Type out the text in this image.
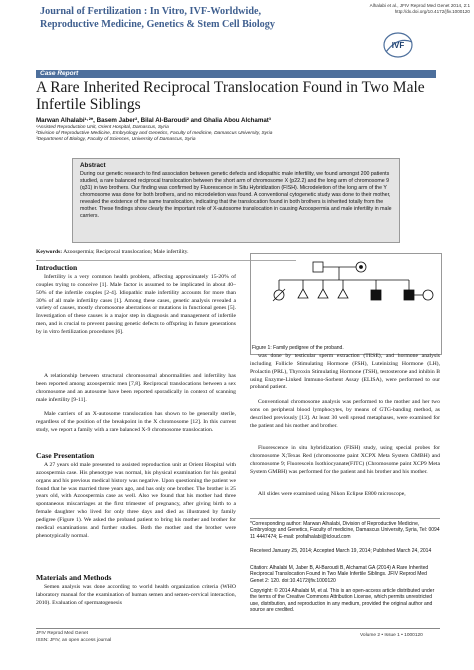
Journal of Fertilization : In Vitro, IVF-Worldwide,
Reproductive Medicine, Genetics & Stem Cell Biology
Alhalabi et al., JFIV Reprod Med Genet 2014, 2:1
http://dx.doi.org/10.4172/jfiv.1000120
IVF
Case Report
A Rare Inherited Reciprocal Translocation Found in Two Male Infertile Siblings
Marwan Alhalabi¹·²*, Basem Jaber², Bilal Al-Baroudi² and Ghalia Abou Alchamat³
¹Assisted Reproduction Unit, Orient Hospital, Damascus, Syria
²Division of Reproductive Medicine, Embryology and Genetics, Faculty of medicine, Damascus University, Syria
³Department of Biology, Faculty of Sciences, University of Damascus, Syria
Abstract
During our genetic research to find association between genetic defects and idiopathic male infertility, we found amongst 200 patients studied, a rare balanced reciprocal translocation between the short arm of chromosome X (p22.2) and the long arm of chromosome 9 (q31) in two brothers. Our finding was confirmed by Fluorescence in Situ Hybridization (FISH). Microdeletion of the long arm of the Y chromosome was done for both brothers, and no microdeletion was found. A conventional cytogenetic study was done to their mother, revealed the existence of the same translocation, indicating that the translocation found in both brothers is inherited totally from the mother. These findings show clearly the important role of X-autosome translocation in causing Azoospermia and male infertility in male carriers.
Keywords: Azoospermia; Reciprocal translocation; Male infertility.
Introduction
Infertility is a very common health problem, affecting approximately 15-20% of couples trying to conceive [1]. Male factor is assumed to be implicated in about 40–50% of the infertile couples [2-4]. Idiopathic male infertility accounts for more than 30% of all male infertility cases [1]. Among these cases, genetic analysis revealed a variety of causes, mostly chromosome aberrations or mutations in functional genes [5]. Investigation of these causes is a major step in diagnosis and management of infertile men, and is crucial to prevent passing genetic defects to offspring in future generations by in vitro fertilization procedures [6].
A relationship between structural chromosomal abnormalities and infertility has been reported among azoospermic men [7,8]. Reciprocal translocations between a sex chromosome and an autosome have been reported sporadically in context of scanning male infertility [9-11].
Male carriers of an X-autosome translocation has shown to be generally sterile, regardless of the position of the breakpoint in the X chromosome [12]. In this current study, we report a family with a rare balanced X-9 chromosome translocation.
Case Presentation
A 27 years old male presented to assisted reproduction unit at Orient Hospital with azoospermia case. His phenotype was normal, his physical examination for his genital organs and his previous medical history was negative. Upon questioning the patient we found that he was married three years ago, and has only one brother. The brother is 25 years old, with Azoospermia case as well. Also we found that his mother had three spontaneous miscarriages at the first trimester of pregnancy, after giving birth to a female daughter who lived for only three days and died as illustrated by family pedigree (Figure 1). We asked the proband patient to bring his mother and brother for medical examinations and further studies. Both the mother and the brother were phenotypically normal.
Materials and Methods
Semen analysis was done according to world health organization criteria (WHO laboratory manual for the examination of human semen and semen-cervical interaction, 2010). Evaluation of spermatogenesis
Figure 1: Family pedigree of the proband.
was done by testicular sperm extraction (TESE), and hormone analysis including Follicle Stimulating Hormone (FSH), Luteinizing Hormone (LH), Prolactin (PRL), Thyroxin Stimulating Hormone (TSH), testosterone and inhibin B using Enzyme-Linked Immuno-Sorbent Assay (ELISA), were performed to our proband patient.
Conventional chromosome analysis was performed to the mother and her two sons on peripheral blood lymphocytes, by means of GTG-banding method, as described previously [13]. At least 30 well spread metaphases, were examined for the patient and his mother and brother.
Fluorescence in situ hybridization (FISH) study, using special probes for chromosome X;Texas Red (chromosome paint XCPX Meta System GMBH) and chromosome 9; Fluorescein Isothiocyanate(FITC) (Chromosome paint XCP9 Meta System GMBH) was performed for the patient and his brother and his mother.
All slides were examined using Nikon Eclipse E800 microscope,
*Corresponding author: Marwan Alhalabi, Division of Reproductive Medicine, Embryology and Genetics, Faculty of medicine, Damascus University, Syria, Tel: 0094 11 4447474; E-mail: profalhalabi@icloud.com
Received January 25, 2014; Accepted March 19, 2014; Published March 24, 2014
Citation: Alhalabi M, Jaber B, Al-Baroudi B, Alchamat GA (2014) A Rare Inherited Reciprocal Translocation Found in Two Male Infertile Siblings. JFIV Reprod Med Genet 2: 120. doi:10.4172/jfiv.1000120
Copyright: © 2014 Alhalabi M, et al. This is an open-access article distributed under the terms of the Creative Commons Attribution License, which permits unrestricted use, distribution, and reproduction in any medium, provided the original author and source are credited.
JFIV Reprod Med Genet
ISSN: JFIV, an open access journal
Volume 2 • Issue 1 • 1000120
